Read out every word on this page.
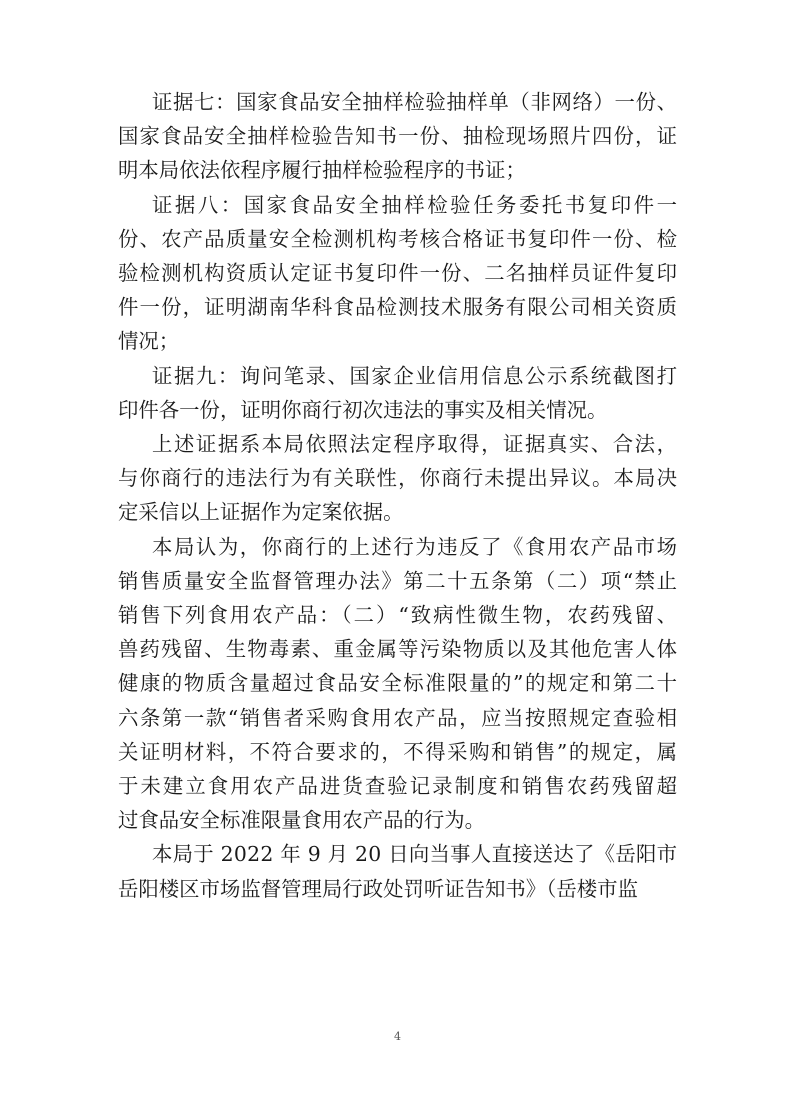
证据七：国家食品安全抽样检验抽样单（非网络）一份、
国家食品安全抽样检验告知书一份、抽检现场照片四份，证
明本局依法依程序履行抽样检验程序的书证；
证据八：国家食品安全抽样检验任务委托书复印件一
份、农产品质量安全检测机构考核合格证书复印件一份、检
验检测机构资质认定证书复印件一份、二名抽样员证件复印
件一份，证明湖南华科食品检测技术服务有限公司相关资质
情况；
证据九：询问笔录、国家企业信用信息公示系统截图打
印件各一份，证明你商行初次违法的事实及相关情况。
上述证据系本局依照法定程序取得，证据真实、合法，
与你商行的违法行为有关联性，你商行未提出异议。本局决
定采信以上证据作为定案依据。
本局认为，你商行的上述行为违反了《食用农产品市场
销售质量安全监督管理办法》第二十五条第（二）项“禁止
销售下列食用农产品：（二）“致病性微生物，农药残留、
兽药残留、生物毒素、重金属等污染物质以及其他危害人体
健康的物质含量超过食品安全标准限量的”的规定和第二十
六条第一款“销售者采购食用农产品，应当按照规定查验相
关证明材料，不符合要求的，不得采购和销售”的规定，属
于未建立食用农产品进货查验记录制度和销售农药残留超
过食品安全标准限量食用农产品的行为。
本局于 2022 年 9 月 20 日向当事人直接送达了《岳阳市
岳阳楼区市场监督管理局行政处罚听证告知书》（岳楼市监
4
